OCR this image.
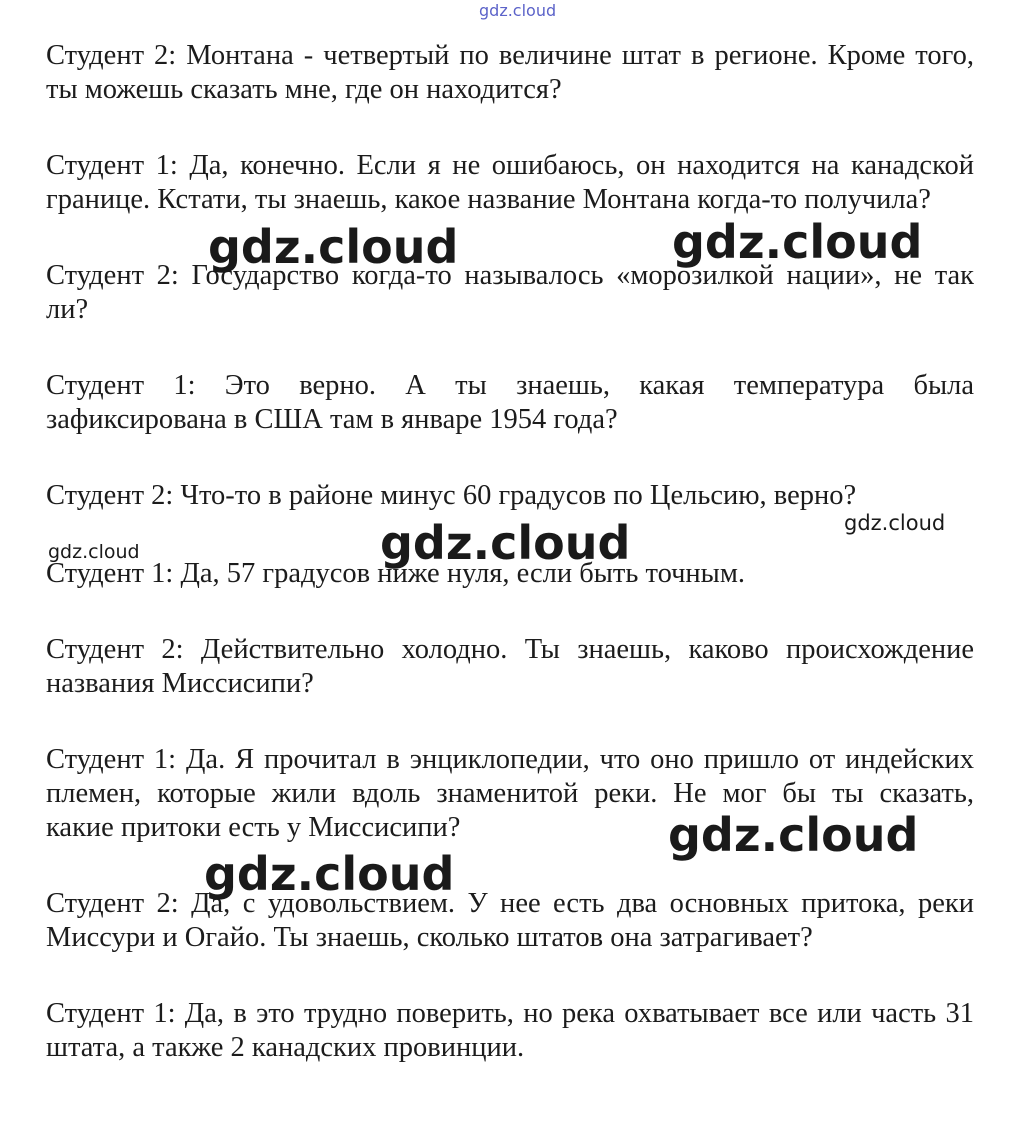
Студент 2: Монтана - четвертый по величине штат в регионе. Кроме того,

ты можешь сказать мне, где он находится?

Студент 1: Да, конечно. Если я не ошибаюсь, он находится на канадской

границе. Кстати, ты знаешь, какое название Монтана когда-то получила?

Студент 2: Государство когда-то называлось «морозилкой нации», не так

ли?

Студент 1: Это верно. А ты знаешь, какая температура была

зафиксирована в США там в январе 1954 года?

Студент 2: Что-то в районе минус 60 градусов по Цельсию, верно?

Студент 1: Да, 57 градусов ниже нуля, если быть точным.

Студент 2: Действительно холодно. Ты знаешь, каково происхождение

названия Миссисипи?

Студент 1: Да. Я прочитал в энциклопедии, что оно пришло от индейских

племен, которые жили вдоль знаменитой реки. Не мог бы ты сказать,

какие притоки есть у Миссисипи?

Студент 2: Да, с удовольствием. У нее есть два основных притока, реки

Миссури и Огайо. Ты знаешь, сколько штатов она затрагивает?

Студент 1: Да, в это трудно поверить, но река охватывает все или часть 31

штата, а также 2 канадских провинции.

gdz.cloud
gdz.cloud	gdz.cloud
gdz.cloud
gdz.cloud
gdz.cloud
gdz.cloud
gdz.cloud
